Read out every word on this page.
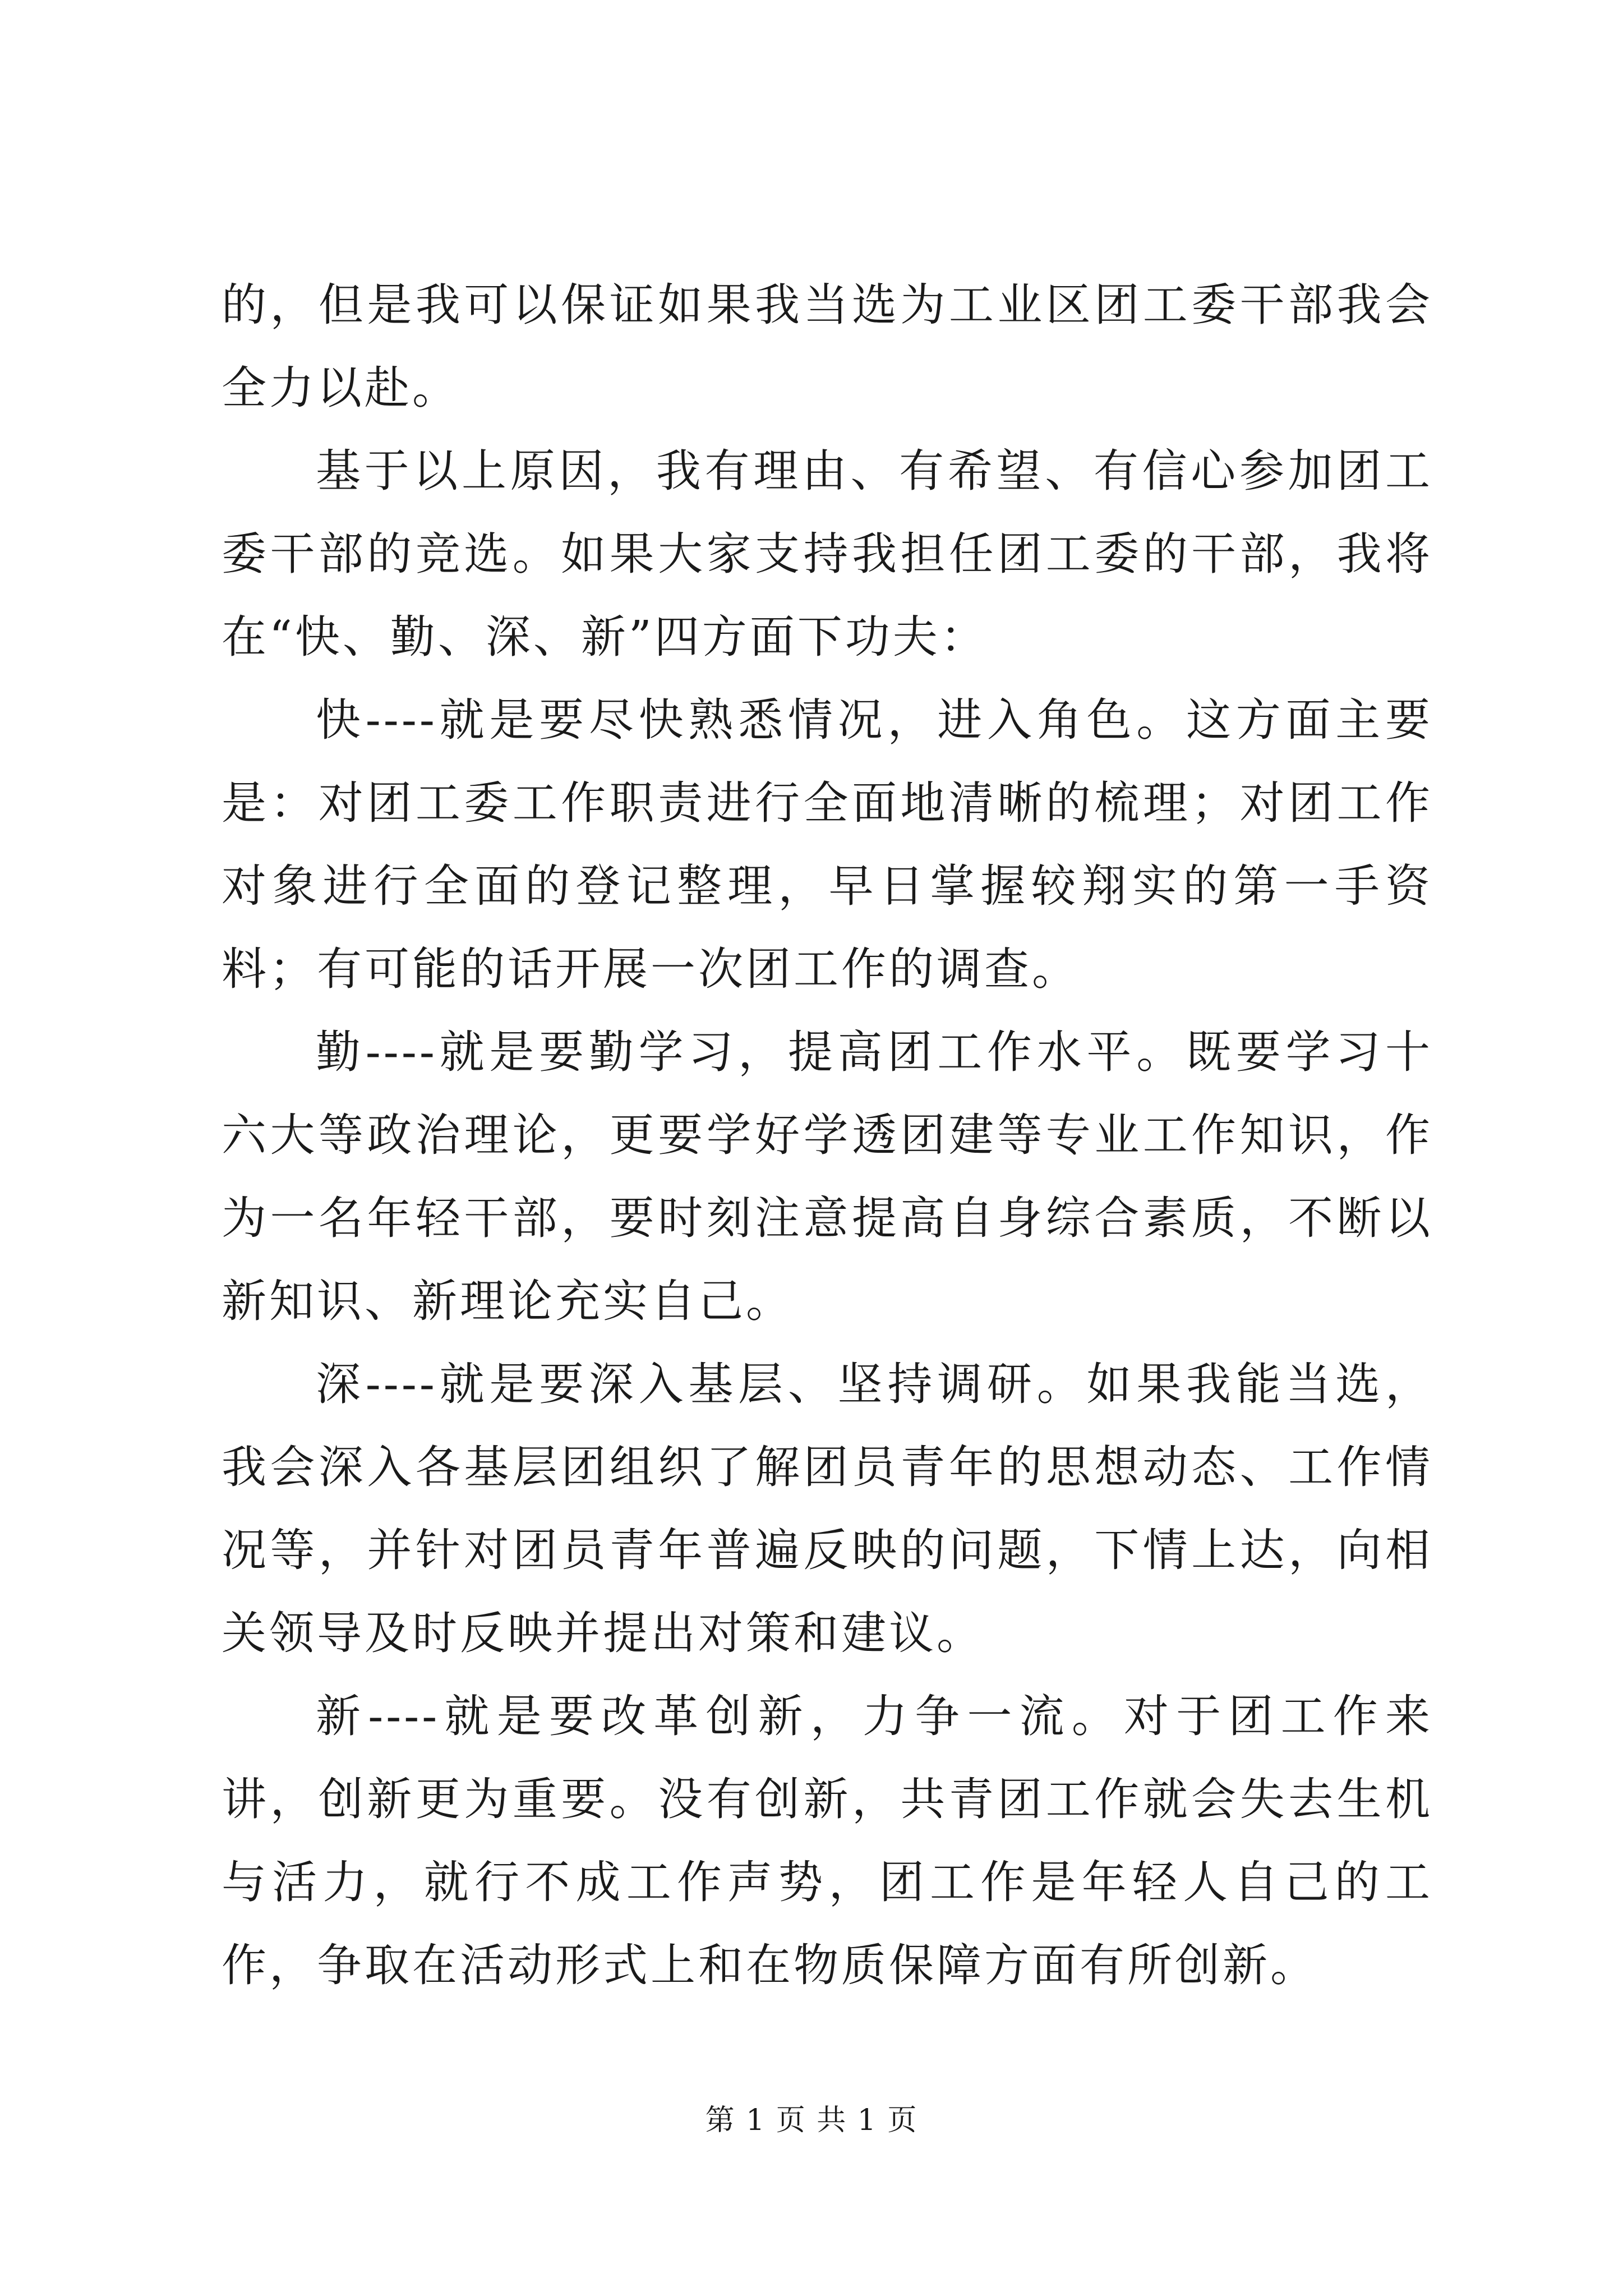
的，但是我可以保证如果我当选为工业区团工委干部我会全力以赴。

基于以上原因，我有理由、有希望、有信心参加团工委干部的竞选。如果大家支持我担任团工委的干部，我将在“快、勤、深、新”四方面下功夫：

快----就是要尽快熟悉情况，进入角色。这方面主要是：对团工委工作职责进行全面地清晰的梳理；对团工作对象进行全面的登记整理，早日掌握较翔实的第一手资料；有可能的话开展一次团工作的调查。

勤----就是要勤学习，提高团工作水平。既要学习十六大等政治理论，更要学好学透团建等专业工作知识，作为一名年轻干部，要时刻注意提高自身综合素质，不断以新知识、新理论充实自己。

深----就是要深入基层、坚持调研。如果我能当选，我会深入各基层团组织了解团员青年的思想动态、工作情况等，并针对团员青年普遍反映的问题，下情上达，向相关领导及时反映并提出对策和建议。

新----就是要改革创新，力争一流。对于团工作来讲，创新更为重要。没有创新，共青团工作就会失去生机与活力，就行不成工作声势，团工作是年轻人自己的工作，争取在活动形式上和在物质保障方面有所创新。

第 1 页 共 1 页
